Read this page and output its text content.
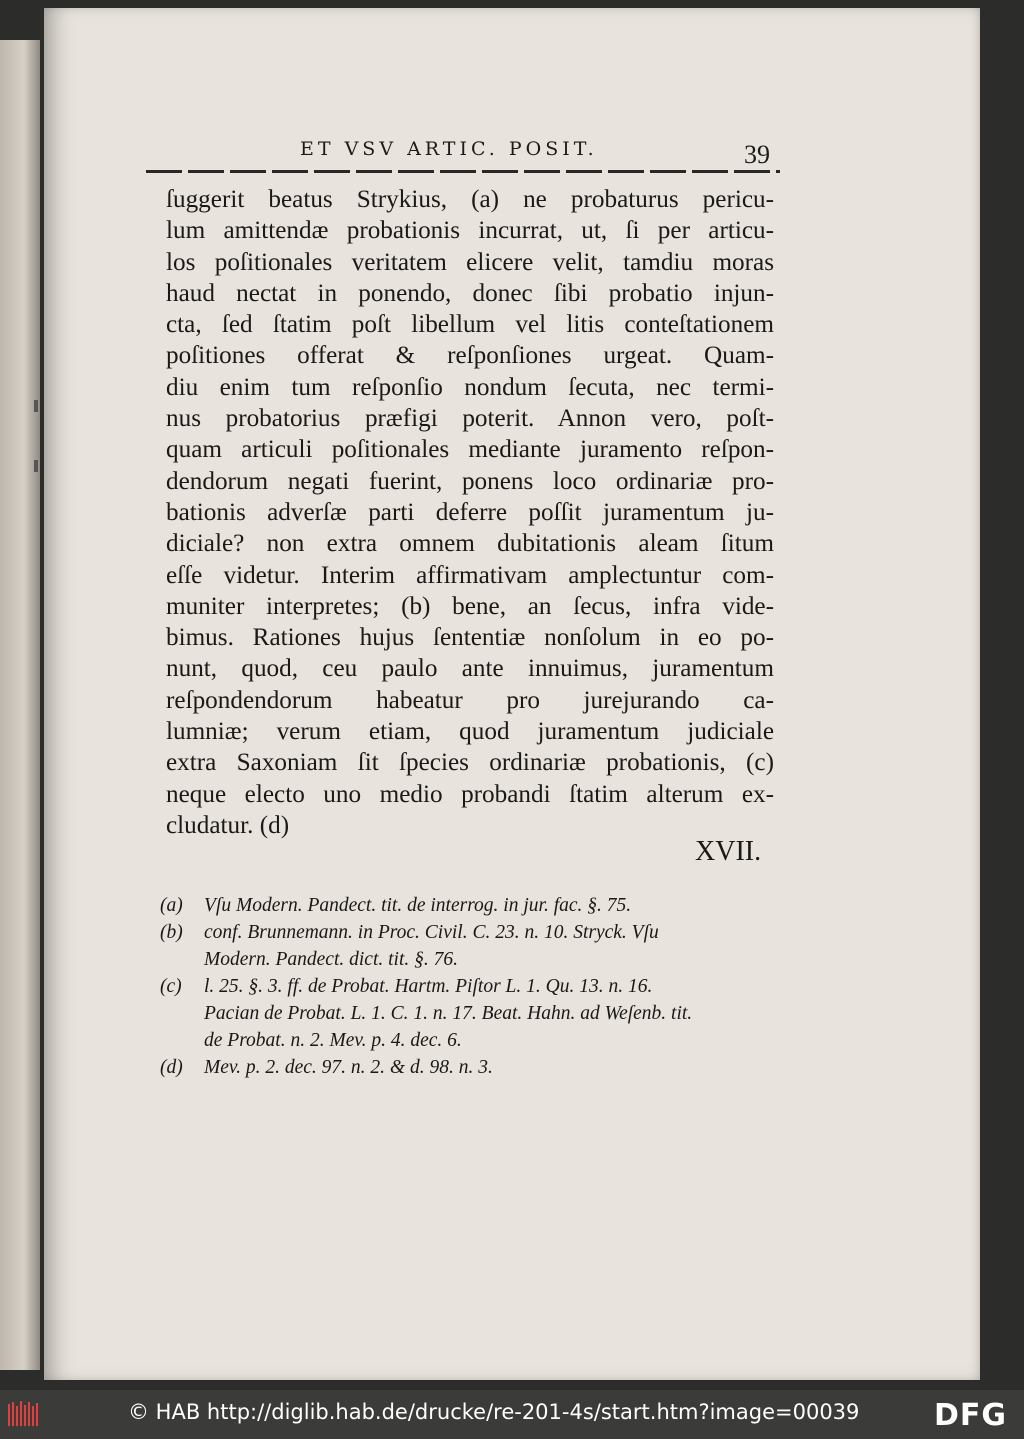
ET VSV ARTIC. POSIT.	39
ſuggerit beatus Strykius, (a) ne probaturus pericu-
lum amittendæ probationis incurrat, ut, ſi per articu-
los poſitionales veritatem elicere velit, tamdiu moras
haud nectat in ponendo, donec ſibi probatio injun-
cta, ſed ſtatim poſt libellum vel litis conteſtationem
poſitiones offerat & reſponſiones urgeat. Quam-
diu enim tum reſponſio nondum ſecuta, nec termi-
nus probatorius præfigi poterit. Annon vero, poſt-
quam articuli poſitionales mediante juramento reſpon-
dendorum negati fuerint, ponens loco ordinariæ pro-
bationis adverſæ parti deferre poſſit juramentum ju-
diciale? non extra omnem dubitationis aleam ſitum
eſſe videtur. Interim affirmativam amplectuntur com-
muniter interpretes; (b) bene, an ſecus, infra vide-
bimus. Rationes hujus ſententiæ nonſolum in eo po-
nunt, quod, ceu paulo ante innuimus, juramentum
reſpondendorum habeatur pro jurejurando ca-
lumniæ; verum etiam, quod juramentum judiciale
extra Saxoniam ſit ſpecies ordinariæ probationis, (c)
neque electo uno medio probandi ſtatim alterum ex-
cludatur. (d)
XVII.
(a) Vſu Modern. Pandect. tit. de interrog. in jur. fac. §. 75.
(b) conf. Brunnemann. in Proc. Civil. C. 23. n. 10. Stryck. Vſu
Modern. Pandect. dict. tit. §. 76.
(c) l. 25. §. 3. ff. de Probat. Hartm. Piſtor L. 1. Qu. 13. n. 16.
Pacian de Probat. L. 1. C. 1. n. 17. Beat. Hahn. ad Weſenb. tit.
de Probat. n. 2. Mev. p. 4. dec. 6.
(d) Mev. p. 2. dec. 97. n. 2. & d. 98. n. 3.
© HAB http://diglib.hab.de/drucke/re-201-4s/start.htm?image=00039 DFG
